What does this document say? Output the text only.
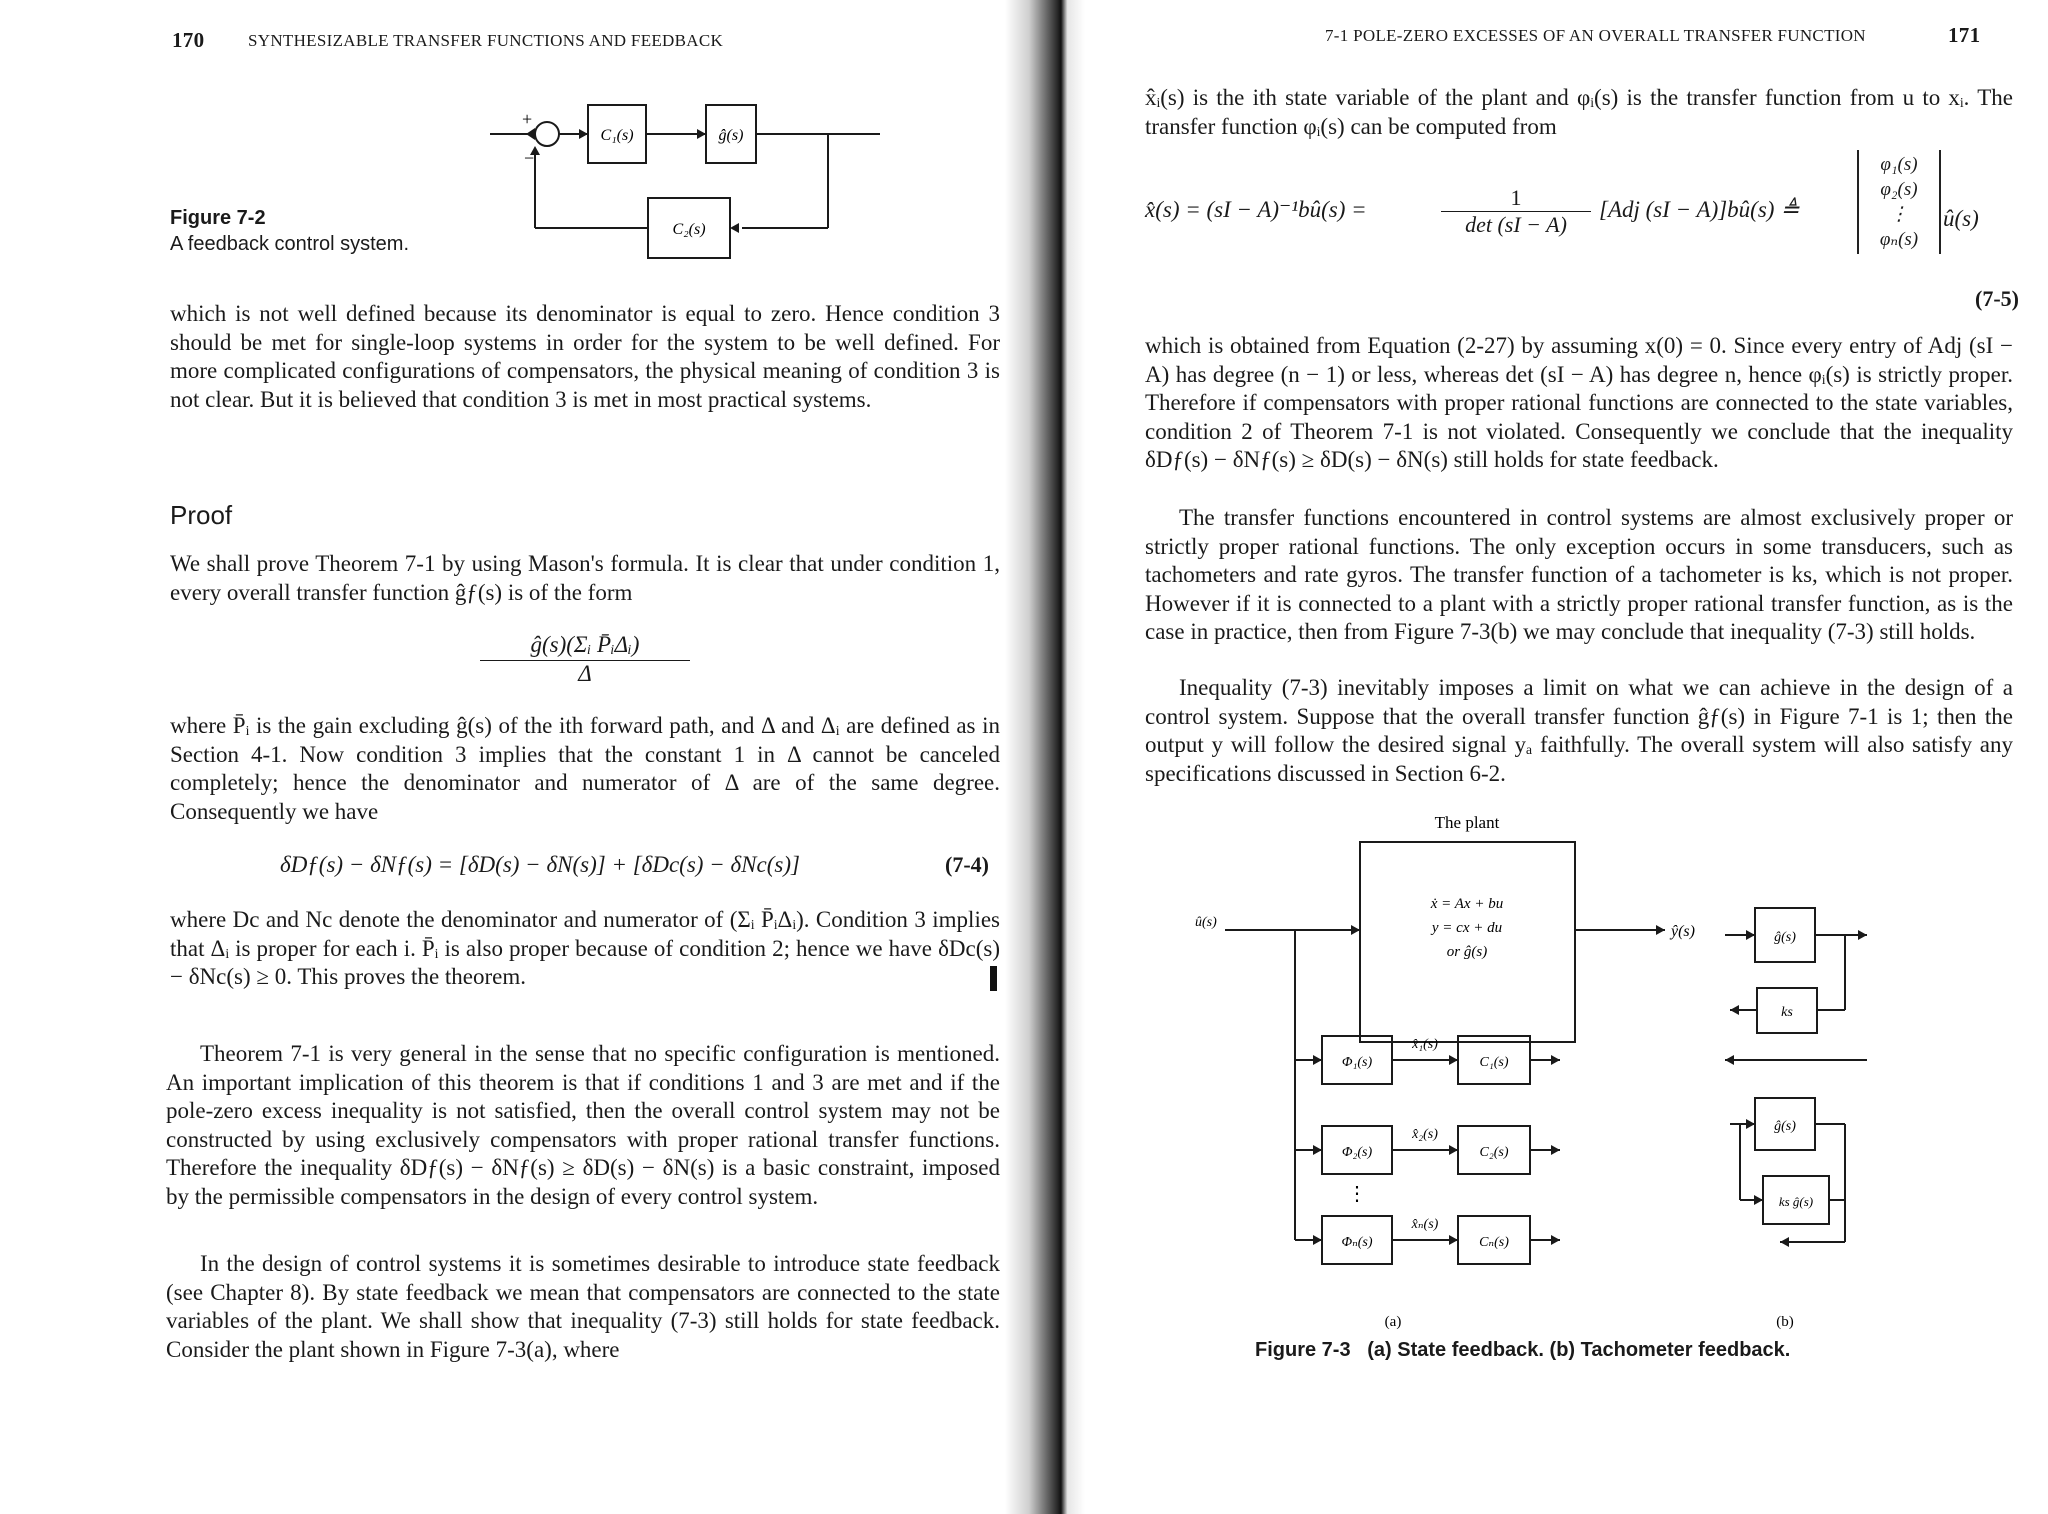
170	SYNTHESIZABLE TRANSFER FUNCTIONS AND FEEDBACK
+
−
C₁(s)	ĝ(s)
C₂(s)
Figure 7-2
A feedback control system.

which is not well defined because its denominator is equal to zero. Hence condition 3 should be met for single-loop systems in order for the system to be well defined. For more complicated configurations of compensators, the physical meaning of condition 3 is not clear. But it is believed that condition 3 is met in most practical systems.

Proof

We shall prove Theorem 7-1 by using Mason's formula. It is clear that under condition 1, every overall transfer function ĝƒ(s) is of the form

ĝ(s)(Σᵢ P̄ᵢΔᵢ)
Δ

where P̄ᵢ is the gain excluding ĝ(s) of the ith forward path, and Δ and Δᵢ are defined as in Section 4-1. Now condition 3 implies that the constant 1 in Δ cannot be canceled completely; hence the denominator and numerator of Δ are of the same degree. Consequently we have

δDƒ(s) − δNƒ(s) = [δD(s) − δN(s)] + [δDc(s) − δNc(s)]	(7-4)

where Dc and Nc denote the denominator and numerator of (Σᵢ P̄ᵢΔᵢ). Condition 3 implies that Δᵢ is proper for each i. P̄ᵢ is also proper because of condition 2; hence we have δDc(s) − δNc(s) ≥ 0. This proves the theorem.

Theorem 7-1 is very general in the sense that no specific configuration is mentioned. An important implication of this theorem is that if conditions 1 and 3 are met and if the pole-zero excess inequality is not satisfied, then the overall control system may not be constructed by using exclusively compensators with proper rational transfer functions. Therefore the inequality δDƒ(s) − δNƒ(s) ≥ δD(s) − δN(s) is a basic constraint, imposed by the permissible compensators in the design of every control system.

In the design of control systems it is sometimes desirable to introduce state feedback (see Chapter 8). By state feedback we mean that compensators are connected to the state variables of the plant. We shall show that inequality (7-3) still holds for state feedback. Consider the plant shown in Figure 7-3(a), where

7-1 POLE-ZERO EXCESSES OF AN OVERALL TRANSFER FUNCTION	171

x̂ᵢ(s) is the ith state variable of the plant and φᵢ(s) is the transfer function from u to xᵢ. The transfer function φᵢ(s) can be computed from

x̂(s) = (sI − A)⁻¹bû(s) =	1
det (sI − A)
[Adj (sI − A)]bû(s) ≜
φ₁(s)
φ₂(s)
⋮
φₙ(s)
û(s)
(7-5)

which is obtained from Equation (2-27) by assuming x(0) = 0. Since every entry of Adj (sI − A) has degree (n − 1) or less, whereas det (sI − A) has degree n, hence φᵢ(s) is strictly proper. Therefore if compensators with proper rational functions are connected to the state variables, condition 2 of Theorem 7-1 is not violated. Consequently we conclude that the inequality δDƒ(s) − δNƒ(s) ≥ δD(s) − δN(s) still holds for state feedback.

The transfer functions encountered in control systems are almost exclusively proper or strictly proper rational functions. The only exception occurs in some transducers, such as tachometers and rate gyros. The transfer function of a tachometer is ks, which is not proper. However if it is connected to a plant with a strictly proper rational transfer function, as is the case in practice, then from Figure 7-3(b) we may conclude that inequality (7-3) still holds.

Inequality (7-3) inevitably imposes a limit on what we can achieve in the design of a control system. Suppose that the overall transfer function ĝƒ(s) in Figure 7-1 is 1; then the output y will follow the desired signal yₐ faithfully. The overall system will also satisfy any specifications discussed in Section 6-2.

The plant
ẋ = Ax + bu
y = cx + du
or ĝ(s)
û(s)
ŷ(s)
Φ₁(s)
Φ₂(s)
Φₙ(s)
x̂₁(s)
x̂₂(s)
x̂ₙ(s)
C₁(s)
C₂(s)
Cₙ(s)
⋮
ĝ(s)
ks
ĝ(s)
ks ĝ(s)
(a)	(b)
Figure 7-3 (a) State feedback. (b) Tachometer feedback.
